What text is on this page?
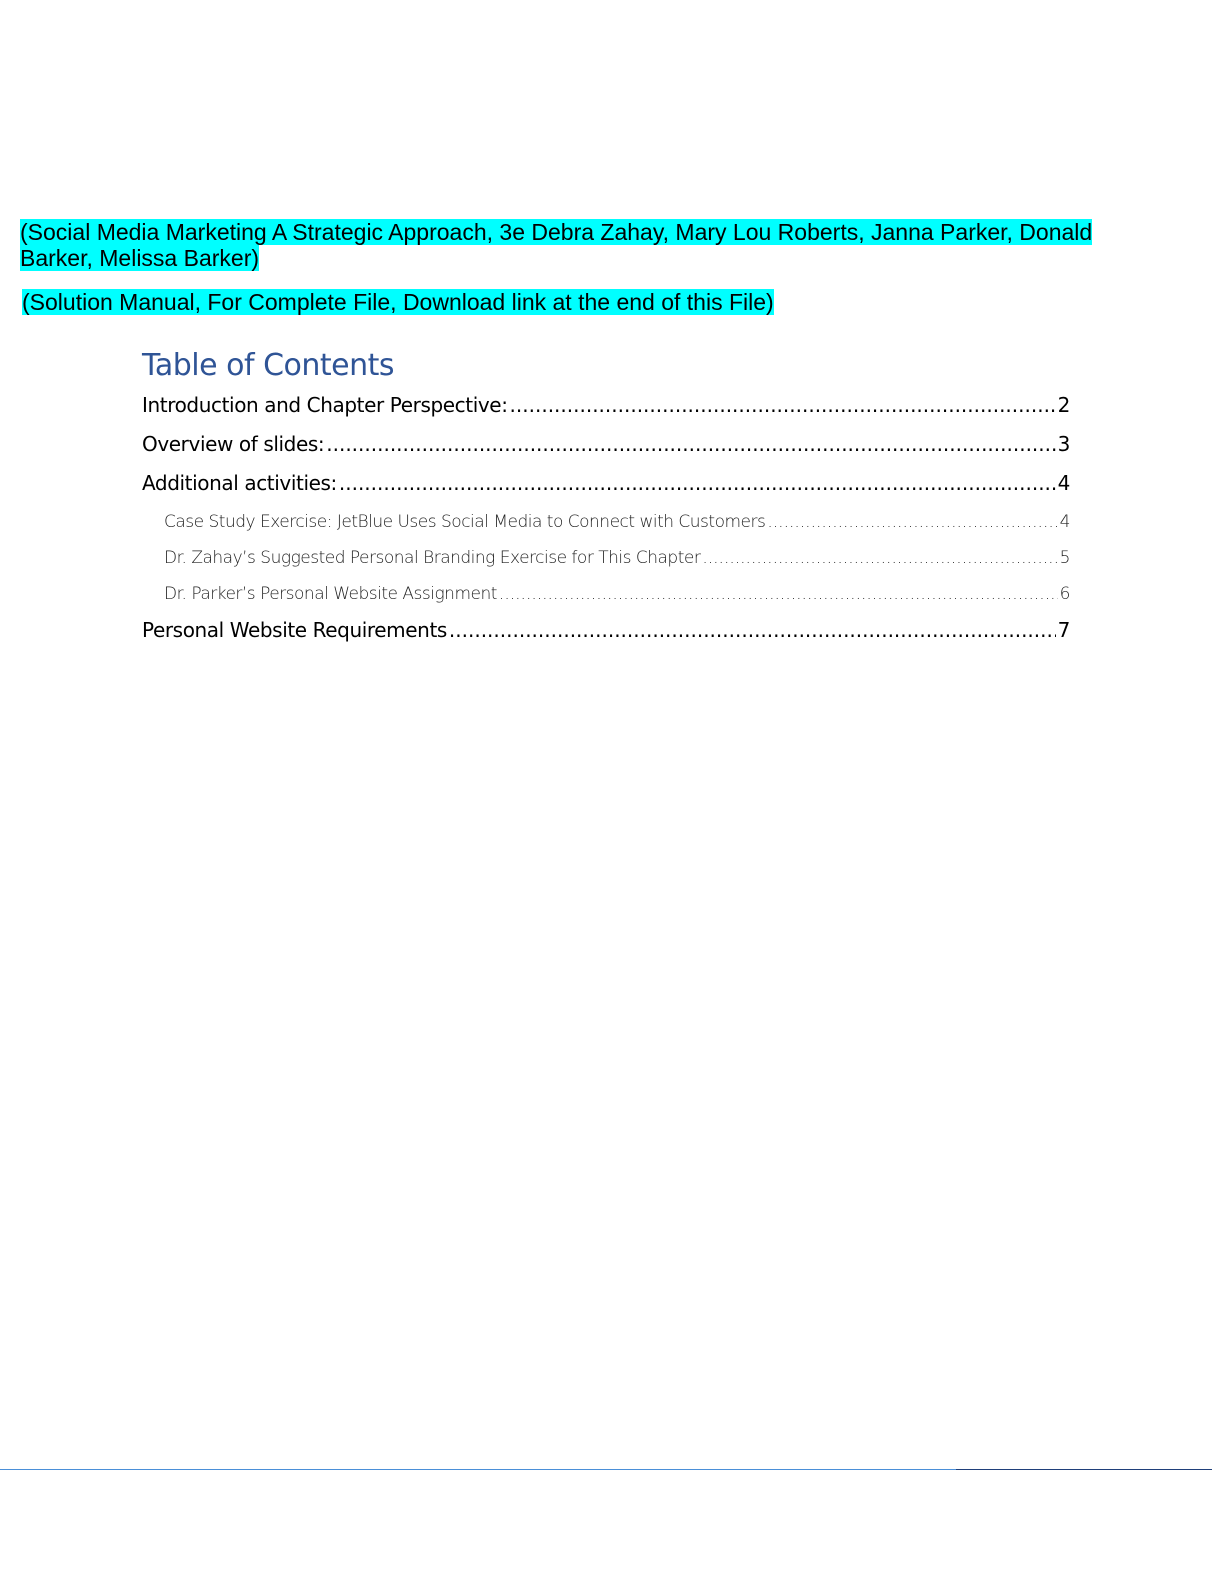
(Social Media Marketing A Strategic Approach, 3e Debra Zahay, Mary Lou Roberts, Janna Parker, Donald Barker, Melissa Barker)
(Solution Manual, For Complete File, Download link at the end of this File)
Table of Contents
Introduction and Chapter Perspective: .....	2
Overview of slides: .....	3
Additional activities: .....	4
Case Study Exercise: JetBlue Uses Social Media to Connect with Customers .....	4
Dr. Zahay’s Suggested Personal Branding Exercise for This Chapter .....	5
Dr. Parker’s Personal Website Assignment .....	6
Personal Website Requirements .....	7
